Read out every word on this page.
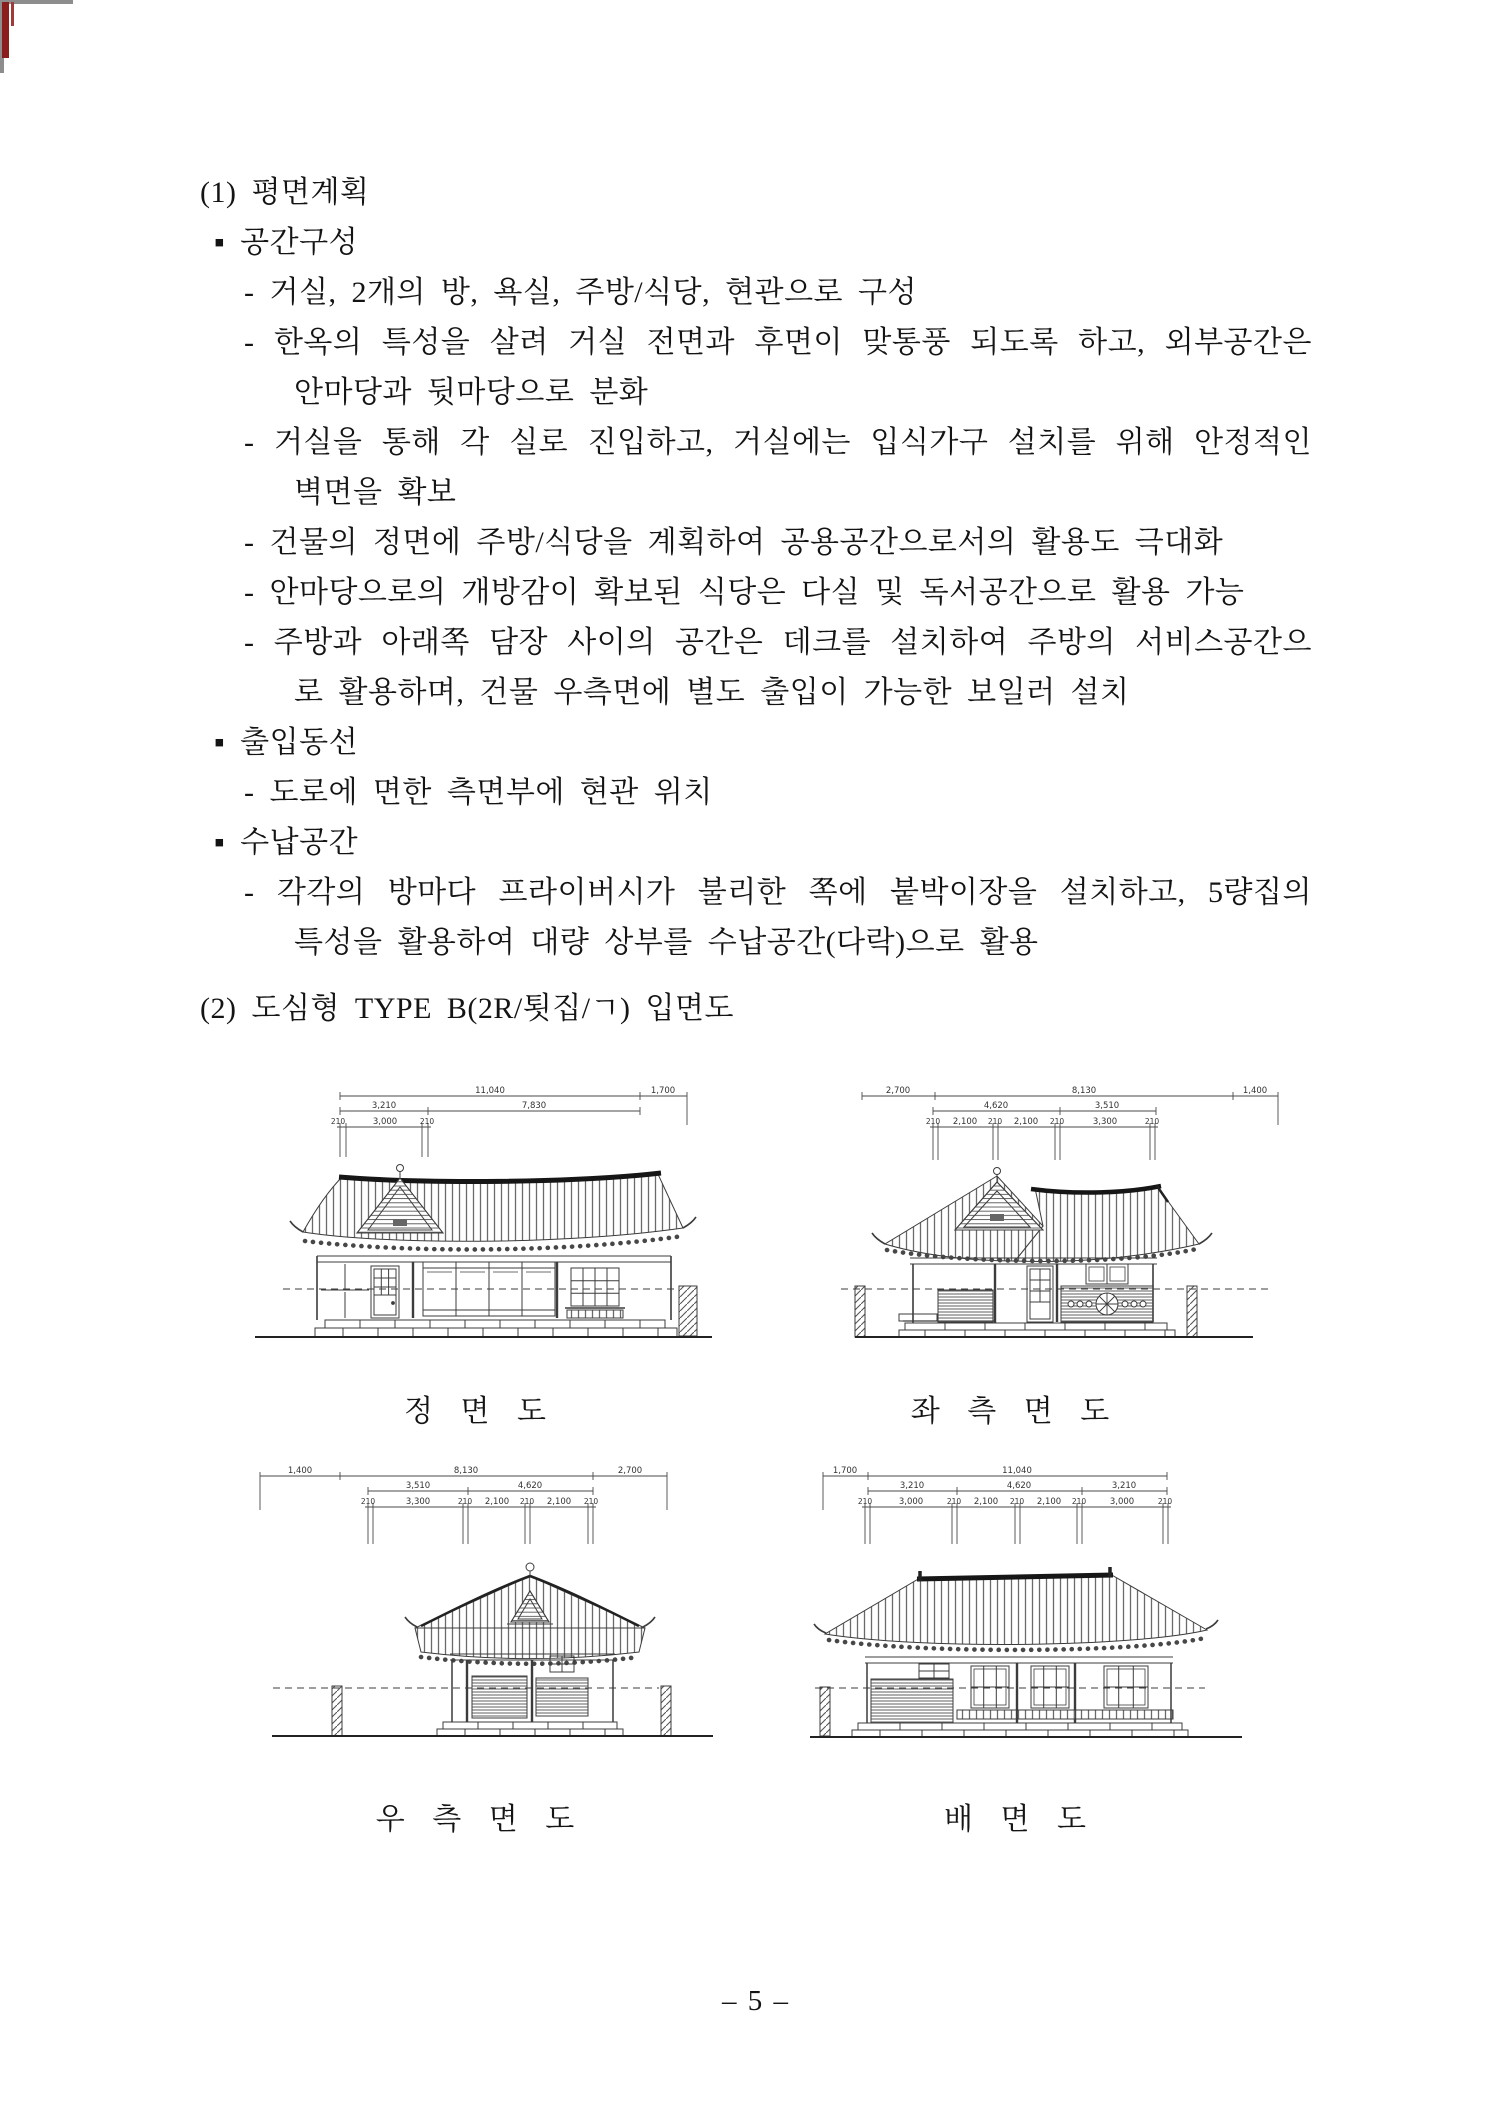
(1) 평면계획
▪ 공간구성
- 거실, 2개의 방, 욕실, 주방/식당, 현관으로 구성
- 한옥의 특성을 살려 거실 전면과 후면이 맞통풍 되도록 하고, 외부공간은
안마당과 뒷마당으로 분화
- 거실을 통해 각 실로 진입하고, 거실에는 입식가구 설치를 위해 안정적인
벽면을 확보
- 건물의 정면에 주방/식당을 계획하여 공용공간으로서의 활용도 극대화
- 안마당으로의 개방감이 확보된 식당은 다실 및 독서공간으로 활용 가능
- 주방과 아래쪽 담장 사이의 공간은 데크를 설치하여 주방의 서비스공간으
로 활용하며, 건물 우측면에 별도 출입이 가능한 보일러 설치
▪ 출입동선
- 도로에 면한 측면부에 현관 위치
▪ 수납공간
- 각각의 방마다 프라이버시가 불리한 쪽에 붙박이장을 설치하고, 5량집의
특성을 활용하여 대량 상부를 수납공간(다락)으로 활용
(2) 도심형 TYPE B(2R/툇집/ㄱ) 입면도
11,040	1,700
3,210	7,830
210	3,000	210
정 면 도
2,700	8,130	1,400
4,620	3,510
210 2,100 210 2,100 210	3,300	210
좌 측 면 도
1,400	8,130	2,700
3,510	4,620
210	3,300	210 2,100 210 2,100 210
우 측 면 도
1,700	11,040
3,210	4,620	3,210
210	3,000	210 2,100 210 2,100 210	3,000	210
배 면 도
– 5 –
